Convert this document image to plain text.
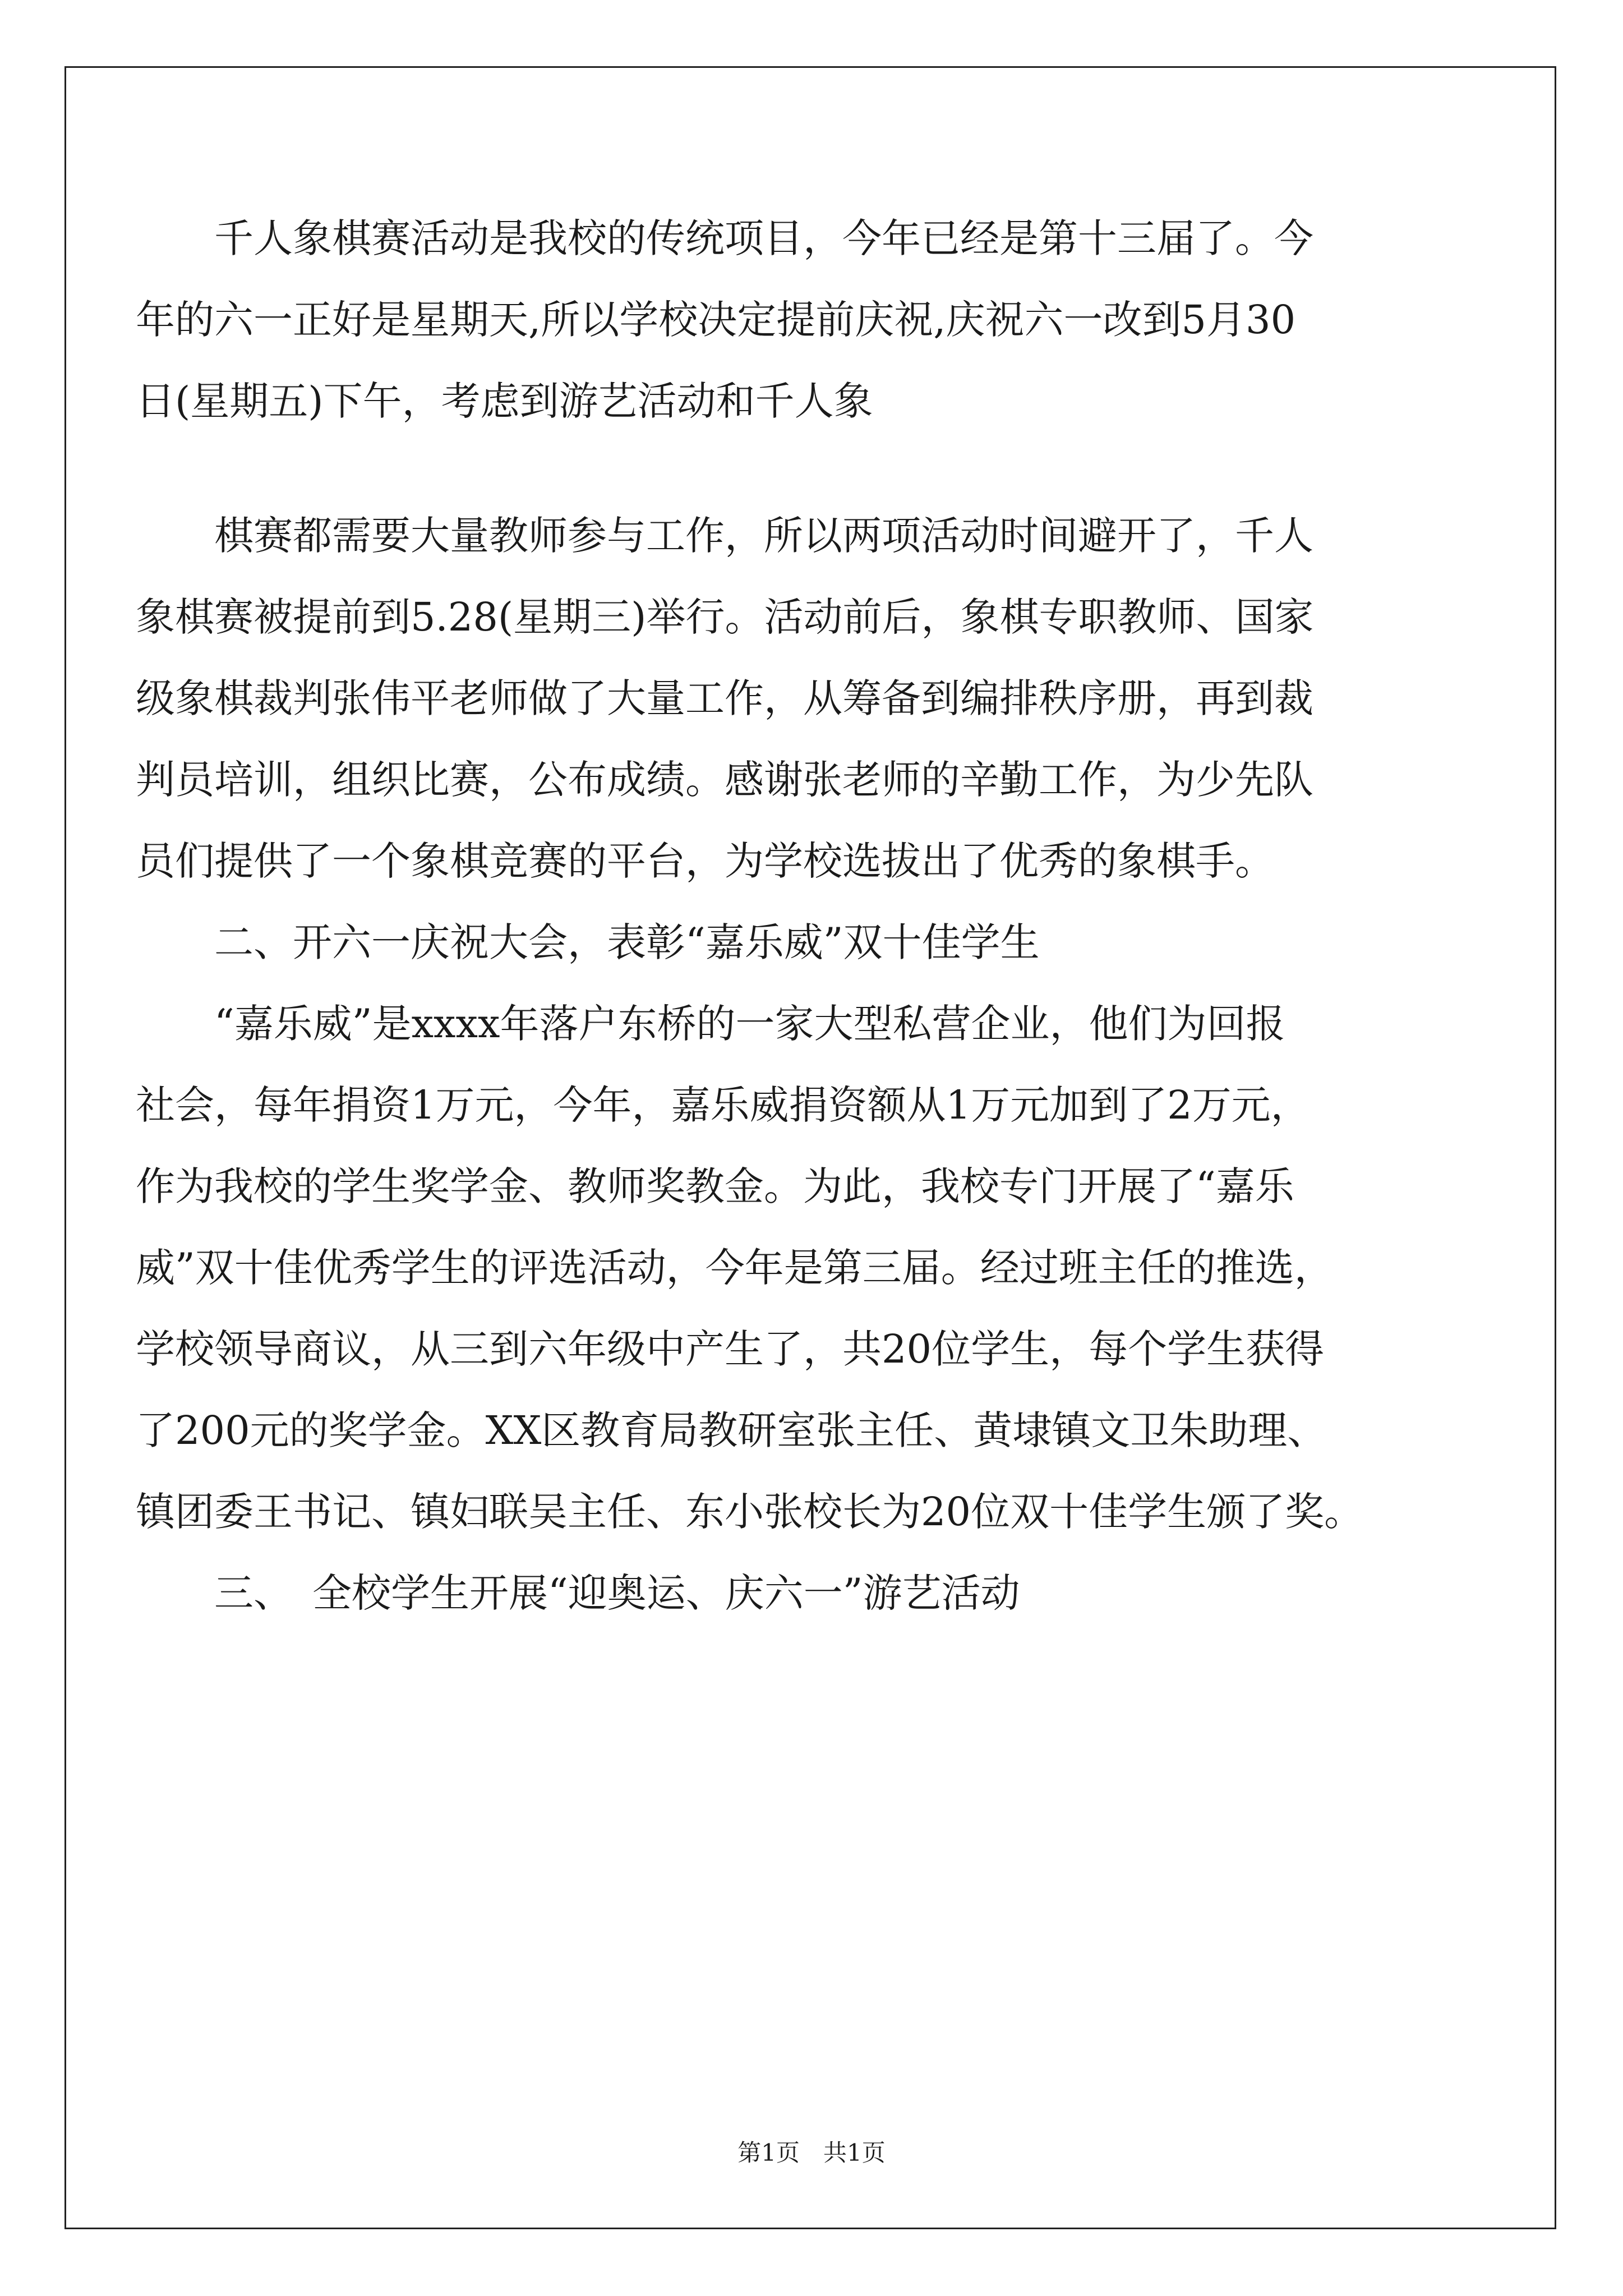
　　千人象棋赛活动是我校的传统项目，今年已经是第十三届了。今
年的六一正好是星期天,所以学校决定提前庆祝,庆祝六一改到5月30
日(星期五)下午，考虑到游艺活动和千人象
　　棋赛都需要大量教师参与工作，所以两项活动时间避开了，千人
象棋赛被提前到5.28(星期三)举行。活动前后，象棋专职教师、国家
级象棋裁判张伟平老师做了大量工作，从筹备到编排秩序册，再到裁
判员培训，组织比赛，公布成绩。感谢张老师的辛勤工作，为少先队
员们提供了一个象棋竞赛的平台，为学校选拔出了优秀的象棋手。
　　二、开六一庆祝大会，表彰“嘉乐威”双十佳学生
　　“嘉乐威”是xxxx年落户东桥的一家大型私营企业，他们为回报
社会，每年捐资1万元，今年，嘉乐威捐资额从1万元加到了2万元，
作为我校的学生奖学金、教师奖教金。为此，我校专门开展了“嘉乐
威”双十佳优秀学生的评选活动，今年是第三届。经过班主任的推选，
学校领导商议，从三到六年级中产生了，共20位学生，每个学生获得
了200元的奖学金。XX区教育局教研室张主任、黄埭镇文卫朱助理、
镇团委王书记、镇妇联吴主任、东小张校长为20位双十佳学生颁了奖。
　　三、　全校学生开展“迎奥运、庆六一”游艺活动
第1页　共1页
